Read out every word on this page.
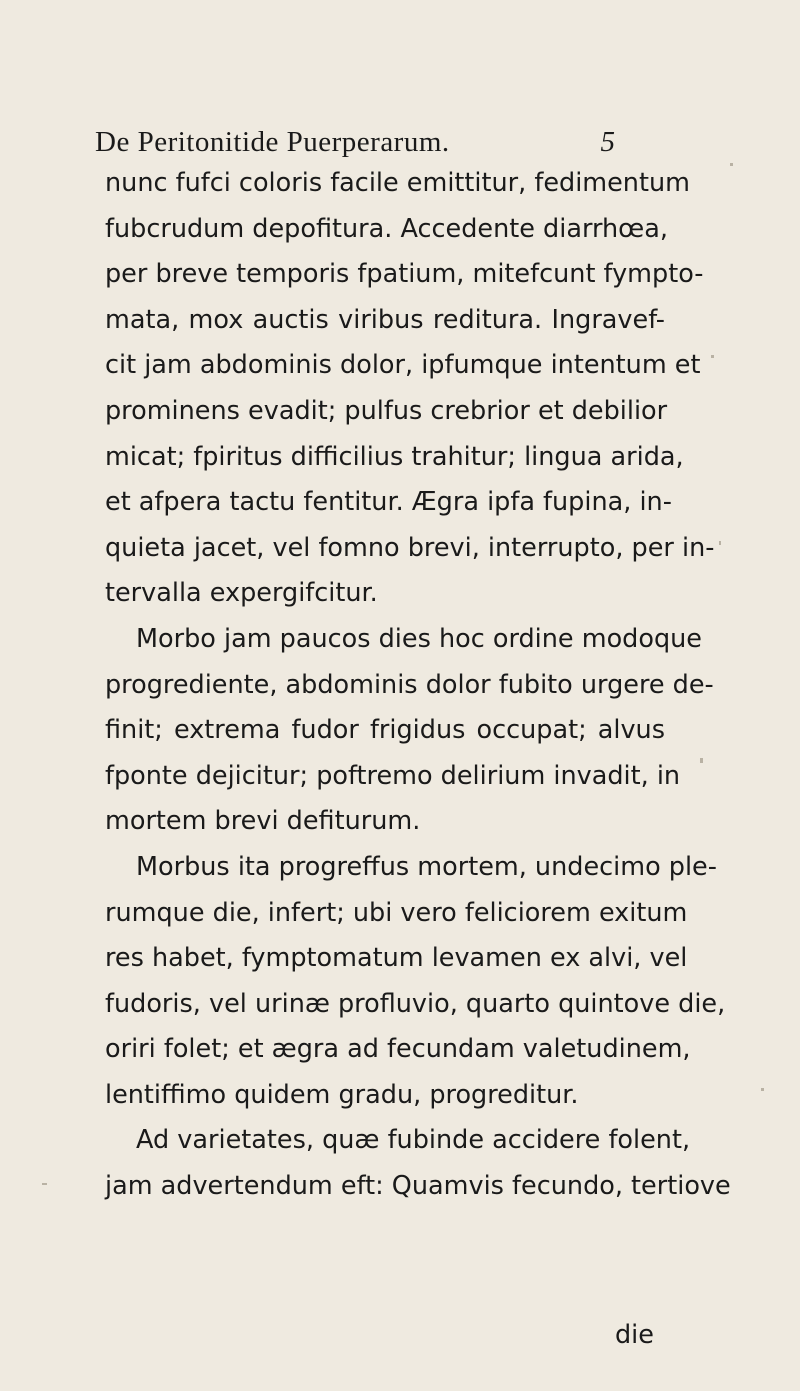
De Peritonitide Puerperarum.	5
nunc fufci coloris facile emittitur, fedimentum
fubcrudum depofitura. Accedente diarrhœa,
per breve temporis fpatium, mitefcunt fympto-
mata, mox auctis viribus reditura. Ingravef-
cit jam abdominis dolor, ipfumque intentum et
prominens evadit; pulfus crebrior et debilior
micat; fpiritus difficilius trahitur; lingua arida,
et afpera tactu fentitur. Ægra ipfa fupina, in-
quieta jacet, vel fomno brevi, interrupto, per in-
tervalla expergifcitur.
Morbo jam paucos dies hoc ordine modoque
progrediente, abdominis dolor fubito urgere de-
finit; extrema fudor frigidus occupat; alvus
fponte dejicitur; poftremo delirium invadit, in
mortem brevi defiturum.
Morbus ita progreffus mortem, undecimo ple-
rumque die, infert; ubi vero feliciorem exitum
res habet, fymptomatum levamen ex alvi, vel
fudoris, vel urinæ profluvio, quarto quintove die,
oriri folet; et ægra ad fecundam valetudinem,
lentiffimo quidem gradu, progreditur.
Ad varietates, quæ fubinde accidere folent,
jam advertendum eft: Quamvis fecundo, tertiove
die
